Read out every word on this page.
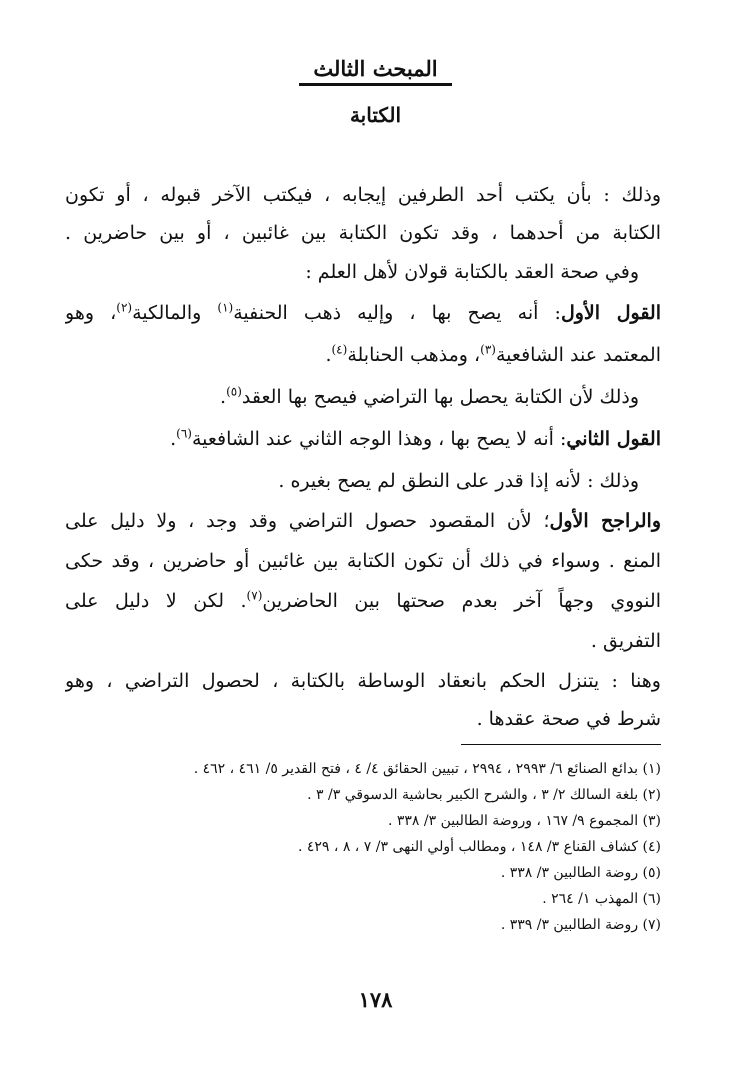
المبحث الثالث
الكتابة
وذلك : بأن يكتب أحد الطرفين إيجابه ، فيكتب الآخر قبوله ، أو تكون
الكتابة من أحدهما ، وقد تكون الكتابة بين غائبين ، أو بين حاضرين .
وفي صحة العقد بالكتابة قولان لأهل العلم :
القول الأول: أنه يصح بها ، وإليه ذهب الحنفية$^{(١)}$ والمالكية$^{(٢)}$، وهو
المعتمد عند الشافعية$^{(٣)}$، ومذهب الحنابلة$^{(٤)}$.
وذلك لأن الكتابة يحصل بها التراضي فيصح بها العقد$^{(٥)}$.
القول الثاني: أنه لا يصح بها ، وهذا الوجه الثاني عند الشافعية$^{(٦)}$.
وذلك : لأنه إذا قدر على النطق لم يصح بغيره .
والراجح الأول؛ لأن المقصود حصول التراضي وقد وجد ، ولا دليل على
المنع . وسواء في ذلك أن تكون الكتابة بين غائبين أو حاضرين ، وقد حكى
النووي وجهاً آخر بعدم صحتها بين الحاضرين$^{(٧)}$. لكن لا دليل على
التفريق .
وهنا : يتنزل الحكم بانعقاد الوساطة بالكتابة ، لحصول التراضي ، وهو
شرط في صحة عقدها .
(١) بدائع الصنائع ٦/ ٢٩٩٣ ، ٢٩٩٤ ، تبيين الحقائق ٤/ ٤ ، فتح القدير ٥/ ٤٦١ ، ٤٦٢ .
(٢) بلغة السالك ٢/ ٣ ، والشرح الكبير بحاشية الدسوقي ٣/ ٣ .
(٣) المجموع ٩/ ١٦٧ ، وروضة الطالبين ٣/ ٣٣٨ .
(٤) كشاف القناع ٣/ ١٤٨ ، ومطالب أولي النهى ٣/ ٧ ، ٨ ، ٤٢٩ .
(٥) روضة الطالبين ٣/ ٣٣٨ .
(٦) المهذب ١/ ٢٦٤ .
(٧) روضة الطالبين ٣/ ٣٣٩ .
١٧٨
